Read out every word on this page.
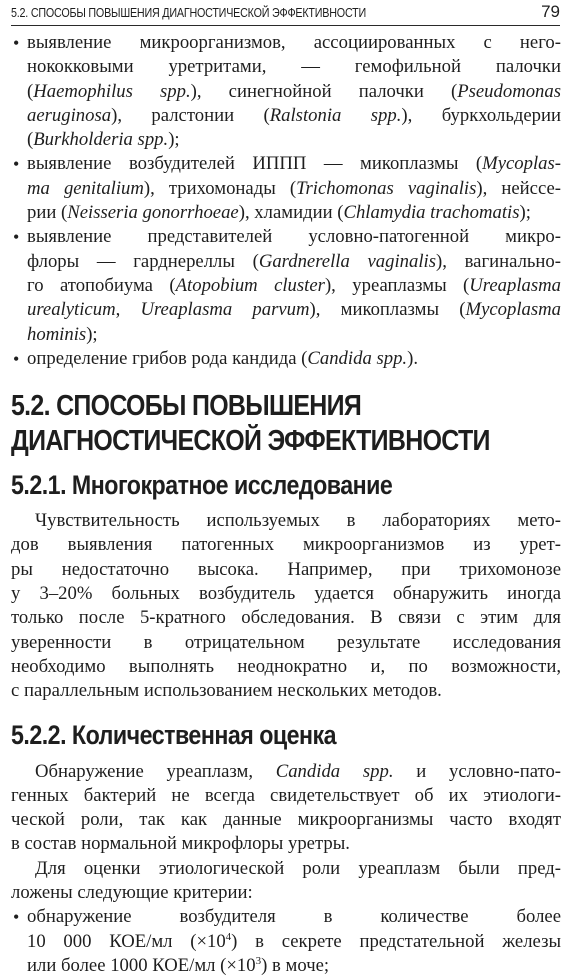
5.2. СПОСОБЫ ПОВЫШЕНИЯ ДИАГНОСТИЧЕСКОЙ ЭФФЕКТИВНОСТИ	79
• выявление микроорганизмов, ассоциированных с него-
нококковыми уретритами, — гемофильной палочки
(Haemophilus spp.), синегнойной палочки (Pseudomonas
aeruginosa), ралстонии (Ralstonia spp.), буркхольдерии
(Burkholderia spp.);
• выявление возбудителей ИППП — микоплазмы (Mycoplas-
ma genitalium), трихомонады (Trichomonas vaginalis), нейссе-
рии (Neisseria gonorrhoeae), хламидии (Chlamydia trachomatis);
• выявление представителей условно-патогенной микро-
флоры — гарднереллы (Gardnerella vaginalis), вагинально-
го атопобиума (Atopobium cluster), уреаплазмы (Ureaplasma
urealyticum, Ureaplasma parvum), микоплазмы (Mycoplasma
hominis);
• определение грибов рода кандида (Candida spp.).
5.2. СПОСОБЫ ПОВЫШЕНИЯ
ДИАГНОСТИЧЕСКОЙ ЭФФЕКТИВНОСТИ
5.2.1. Многократное исследование
Чувствительность используемых в лабораториях мето-
дов выявления патогенных микроорганизмов из урет-
ры недостаточно высока. Например, при трихомонозе
у 3–20% больных возбудитель удается обнаружить иногда
только после 5-кратного обследования. В связи с этим для
уверенности в отрицательном результате исследования
необходимо выполнять неоднократно и, по возможности,
с параллельным использованием нескольких методов.
5.2.2. Количественная оценка
Обнаружение уреаплазм, Candida spp. и условно-пато-
генных бактерий не всегда свидетельствует об их этиологи-
ческой роли, так как данные микроорганизмы часто входят
в состав нормальной микрофлоры уретры.
Для оценки этиологической роли уреаплазм были пред-
ложены следующие критерии:
• обнаружение возбудителя в количестве более
10 000 КОЕ/мл $(\times 10^4)$ в секрете предстательной железы
или более 1000 КОЕ/мл $(\times 10^3)$ в моче;
